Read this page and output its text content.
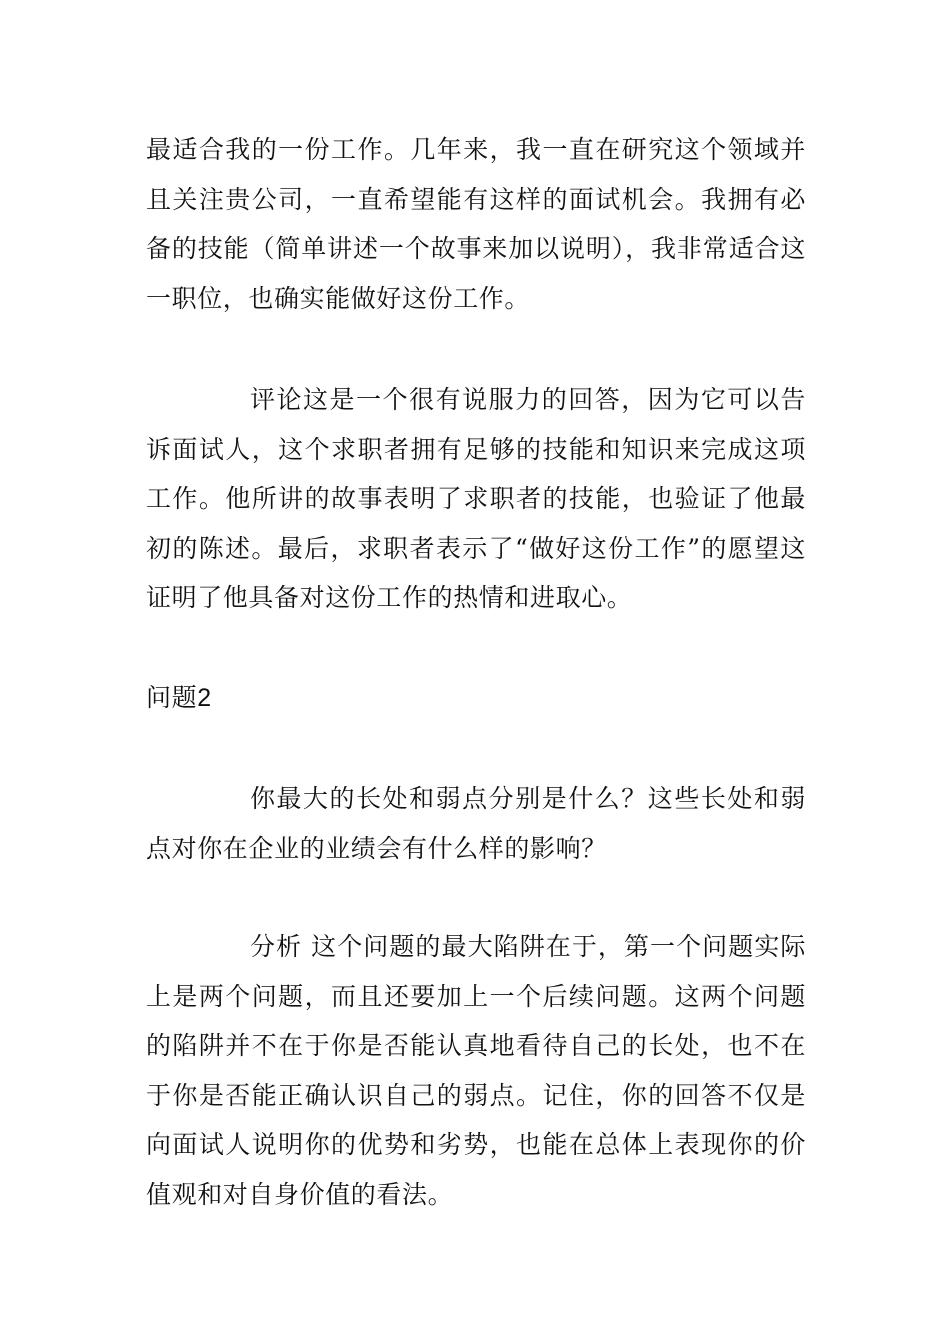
最适合我的一份工作。几年来，我一直在研究这个领域并且关注贵公司，一直希望能有这样的面试机会。我拥有必备的技能（简单讲述一个故事来加以说明），我非常适合这一职位，也确实能做好这份工作。

评论这是一个很有说服力的回答，因为它可以告诉面试人，这个求职者拥有足够的技能和知识来完成这项工作。他所讲的故事表明了求职者的技能，也验证了他最初的陈述。最后，求职者表示了“做好这份工作”的愿望这证明了他具备对这份工作的热情和进取心。

问题2

你最大的长处和弱点分别是什么？这些长处和弱点对你在企业的业绩会有什么样的影响？

分析 这个问题的最大陷阱在于，第一个问题实际上是两个问题，而且还要加上一个后续问题。这两个问题的陷阱并不在于你是否能认真地看待自己的长处，也不在于你是否能正确认识自己的弱点。记住，你的回答不仅是向面试人说明你的优势和劣势，也能在总体上表现你的价值观和对自身价值的看法。
